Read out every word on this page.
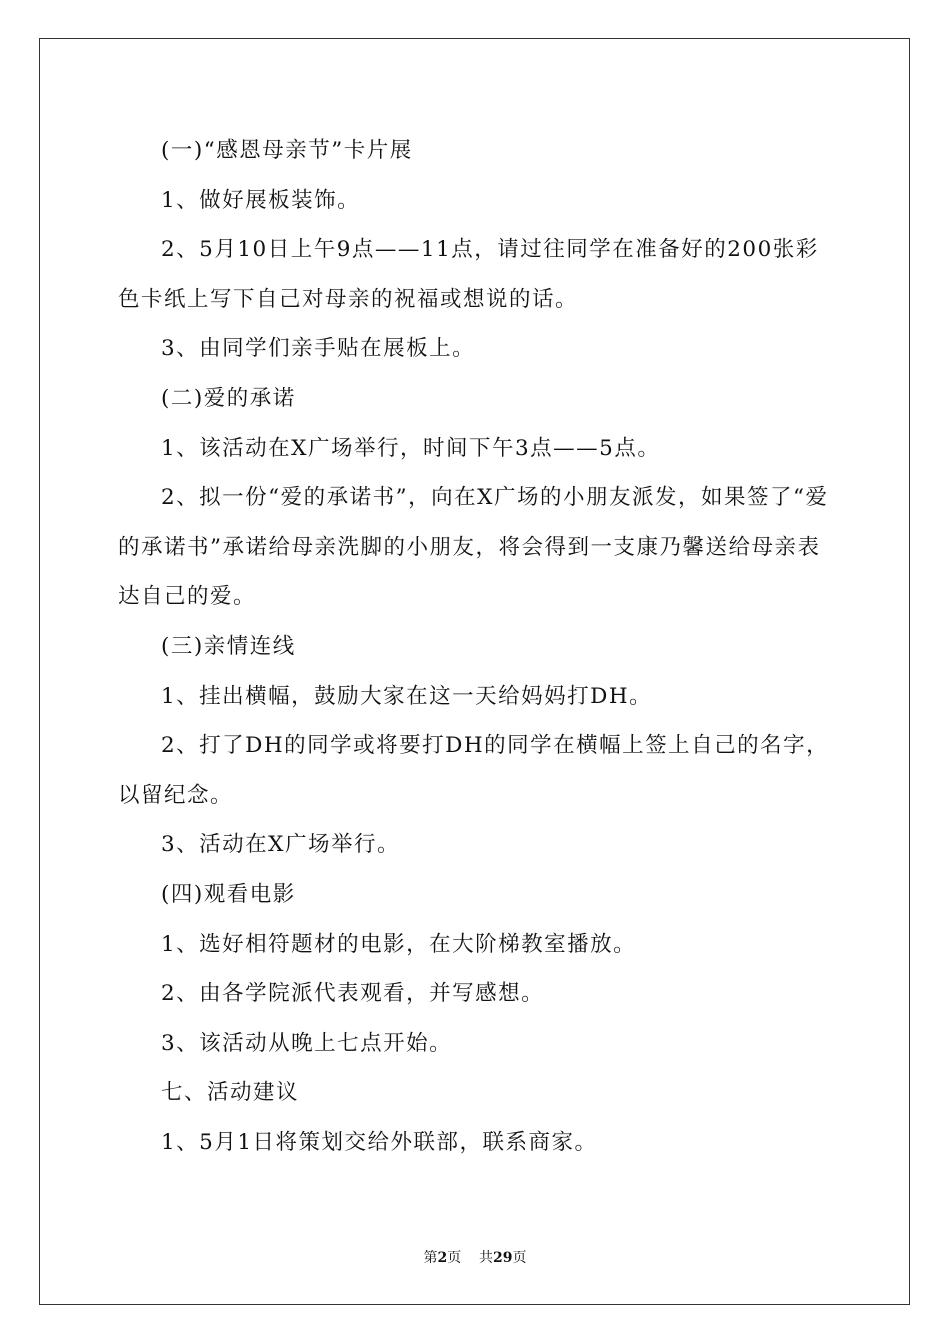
(一)“感恩母亲节”卡片展

1、做好展板装饰。

2、5月10日上午9点——11点，请过往同学在准备好的200张彩色卡纸上写下自己对母亲的祝福或想说的话。

3、由同学们亲手贴在展板上。

(二)爱的承诺

1、该活动在X广场举行，时间下午3点——5点。

2、拟一份“爱的承诺书”，向在X广场的小朋友派发，如果签了“爱的承诺书”承诺给母亲洗脚的小朋友，将会得到一支康乃馨送给母亲表达自己的爱。

(三)亲情连线

1、挂出横幅，鼓励大家在这一天给妈妈打DH。

2、打了DH的同学或将要打DH的同学在横幅上签上自己的名字，以留纪念。

3、活动在X广场举行。

(四)观看电影

1、选好相符题材的电影，在大阶梯教室播放。

2、由各学院派代表观看，并写感想。

3、该活动从晚上七点开始。

七、活动建议

1、5月1日将策划交给外联部，联系商家。

第2页 共29页
